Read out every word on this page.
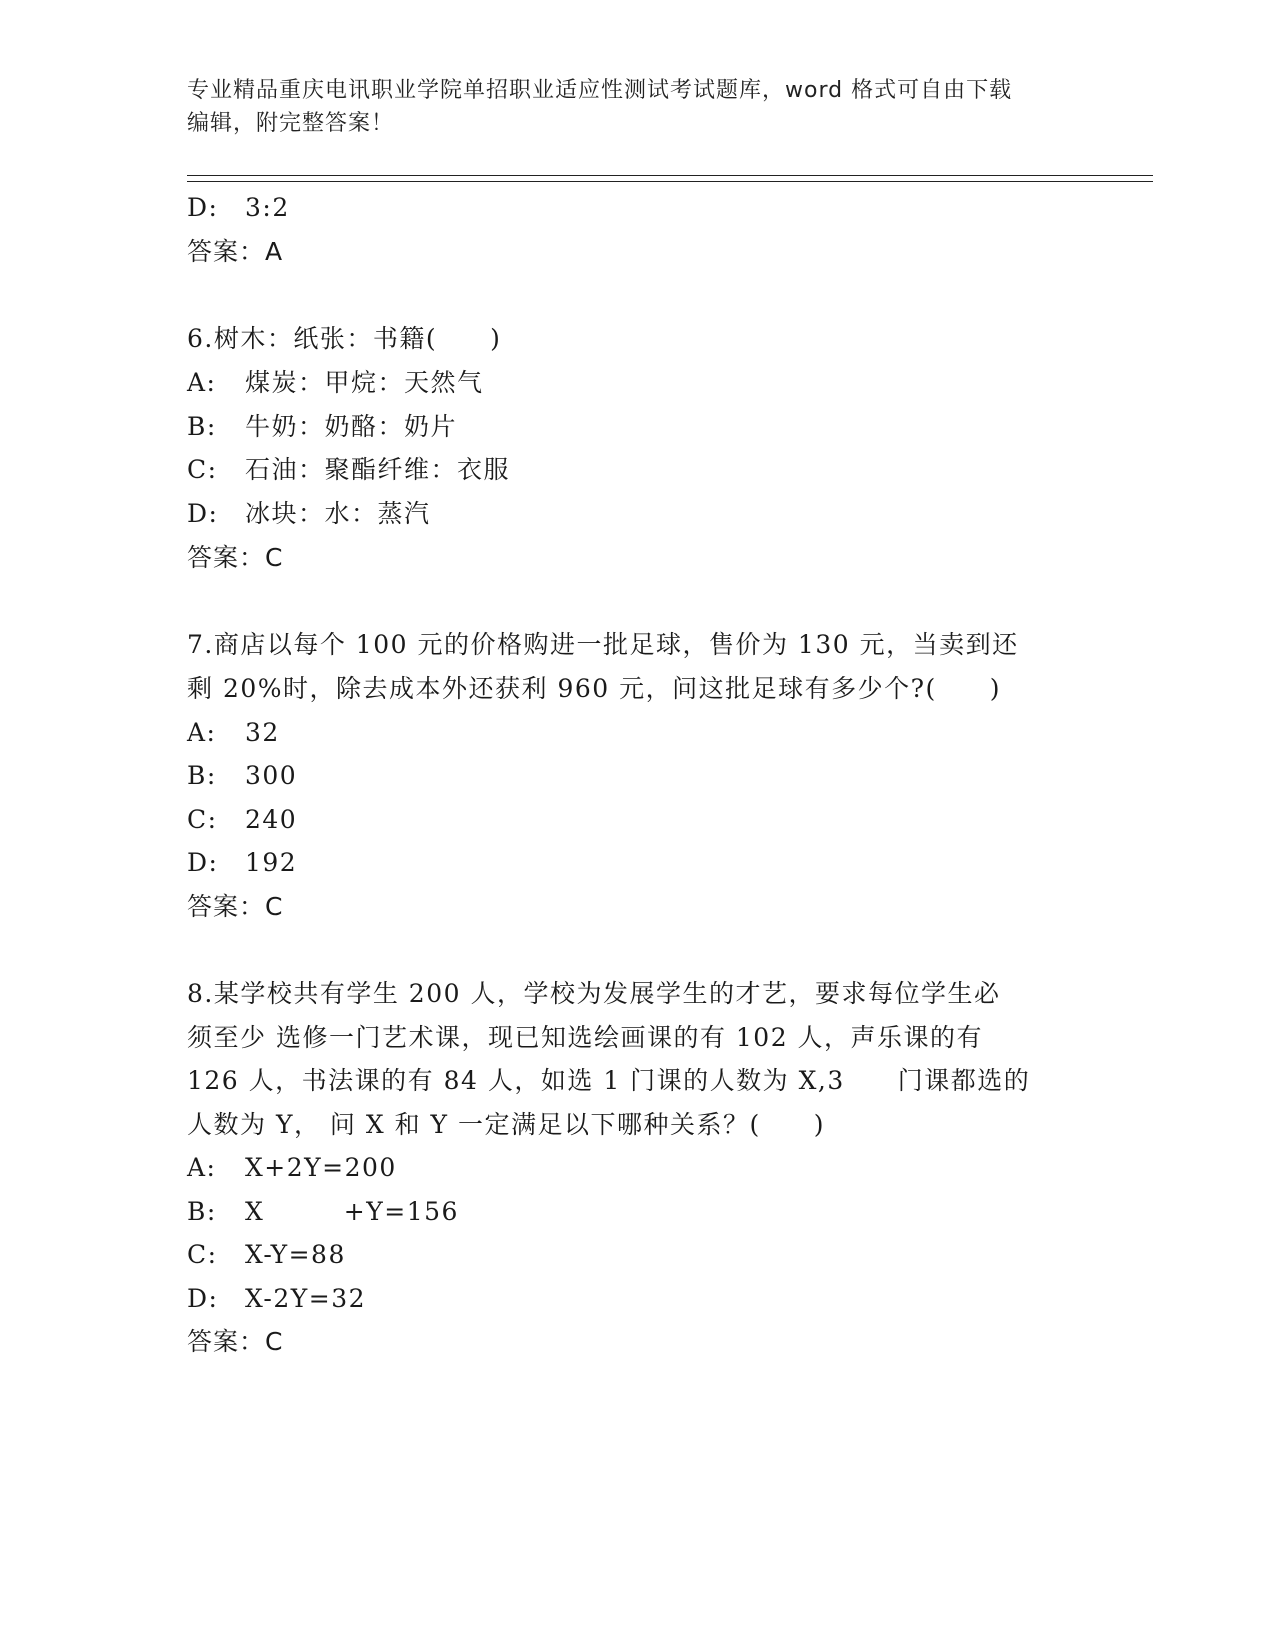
专业精品重庆电讯职业学院单招职业适应性测试考试题库，word 格式可自由下载
编辑，附完整答案！
D: 3:2
答案：A
6.树木：纸张：书籍(　　)
A: 煤炭：甲烷：天然气
B: 牛奶：奶酪：奶片
C: 石油：聚酯纤维：衣服
D: 冰块：水：蒸汽
答案：C
7.商店以每个 100 元的价格购进一批足球，售价为 130 元，当卖到还
剩 20%时，除去成本外还获利 960 元，问这批足球有多少个?(　　)
A: 32
B: 300
C: 240
D: 192
答案：C
8.某学校共有学生 200 人，学校为发展学生的才艺，要求每位学生必
须至少 选修一门艺术课，现已知选绘画课的有 102 人，声乐课的有
126 人，书法课的有 84 人，如选 1 门课的人数为 X,3　　门课都选的
人数为 Y， 问 X 和 Y 一定满足以下哪种关系？(　　)
A: X+2Y=200
B: X　　　+Y=156
C: X-Y=88
D: X-2Y=32
答案：C
